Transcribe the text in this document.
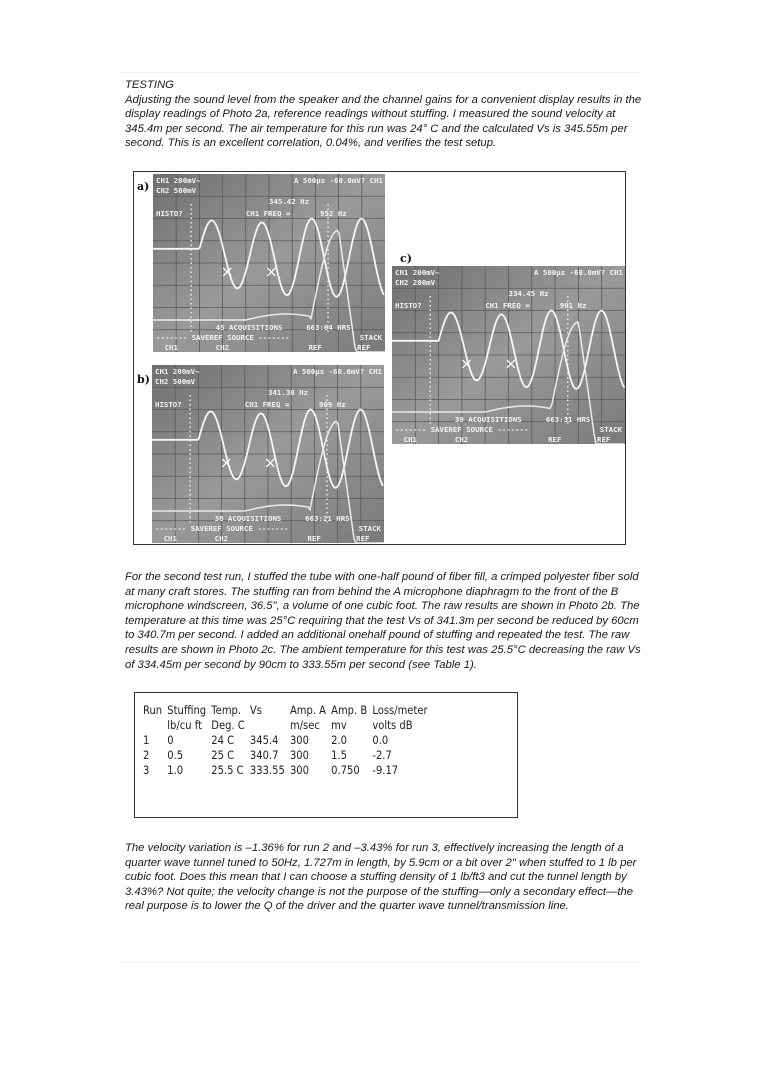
TESTING

Adjusting the sound level from the speaker and the channel gains for a convenient display results in the display readings of Photo 2a, reference readings without stuffing. I measured the sound velocity at 345.4m per second. The air temperature for this run was 24° C and the calculated Vs is 345.55m per second. This is an excellent correlation, 0.04%, and verifies the test setup.

a)
b)
c)
CH1 200mV~
CH2 500mV
A 500µs -60.0mV? CH1
345.42 Hz
HISTO?	CH1 FREQ =	952 Hz
45 ACQUISITIONS	663:04 HRS
------- SAVEREF SOURCE -------	STACK
CH1	CH2	REF	REF
CH1 200mV~
CH2 500mV
A 500µs -60.0mV? CH1
341.30 Hz
HISTO?	CH1 FREQ =	909 Hz
38 ACQUISITIONS	663:21 HRS
------- SAVEREF SOURCE -------	STACK
CH1	CH2	REF	REF
CH1 200mV~
CH2 200mV
A 500µs -60.0mV? CH1
334.45 Hz
HISTO?	CH1 FREQ =	901 Hz
39 ACQUISITIONS	663:31 HRS
------- SAVEREF SOURCE -------	STACK
CH1	CH2	REF	REF
For the second test run, I stuffed the tube with one-half pound of fiber fill, a crimped polyester fiber sold at many craft stores. The stuffing ran from behind the A microphone diaphragm to the front of the B microphone windscreen, 36.5", a volume of one cubic foot. The raw results are shown in Photo 2b. The temperature at this time was 25°C requiring that the test Vs of 341.3m per second be reduced by 60cm to 340.7m per second. I added an additional onehalf pound of stuffing and repeated the test. The raw results are shown in Photo 2c. The ambient temperature for this test was 25.5°C decreasing the raw Vs of 334.45m per second by 90cm to 333.55m per second (see Table 1).
Run	Stuffing	Temp.	Vs	Amp. A	Amp. B	Loss/meter
	lb/cu ft	Deg. C		m/sec	mv	volts dB
1	0	24 C	345.4	300	2.0	0.0
2	0.5	25 C	340.7	300	1.5	-2.7
3	1.0	25.5 C	333.55	300	0.750	-9.17
The velocity variation is –1.36% for run 2 and –3.43% for run 3, effectively increasing the length of a quarter wave tunnel tuned to 50Hz, 1.727m in length, by 5.9cm or a bit over 2" when stuffed to 1 lb per cubic foot. Does this mean that I can choose a stuffing density of 1 lb/ft3 and cut the tunnel length by 3.43%? Not quite; the velocity change is not the purpose of the stuffing—only a secondary effect—the real purpose is to lower the Q of the driver and the quarter wave tunnel/transmission line.
